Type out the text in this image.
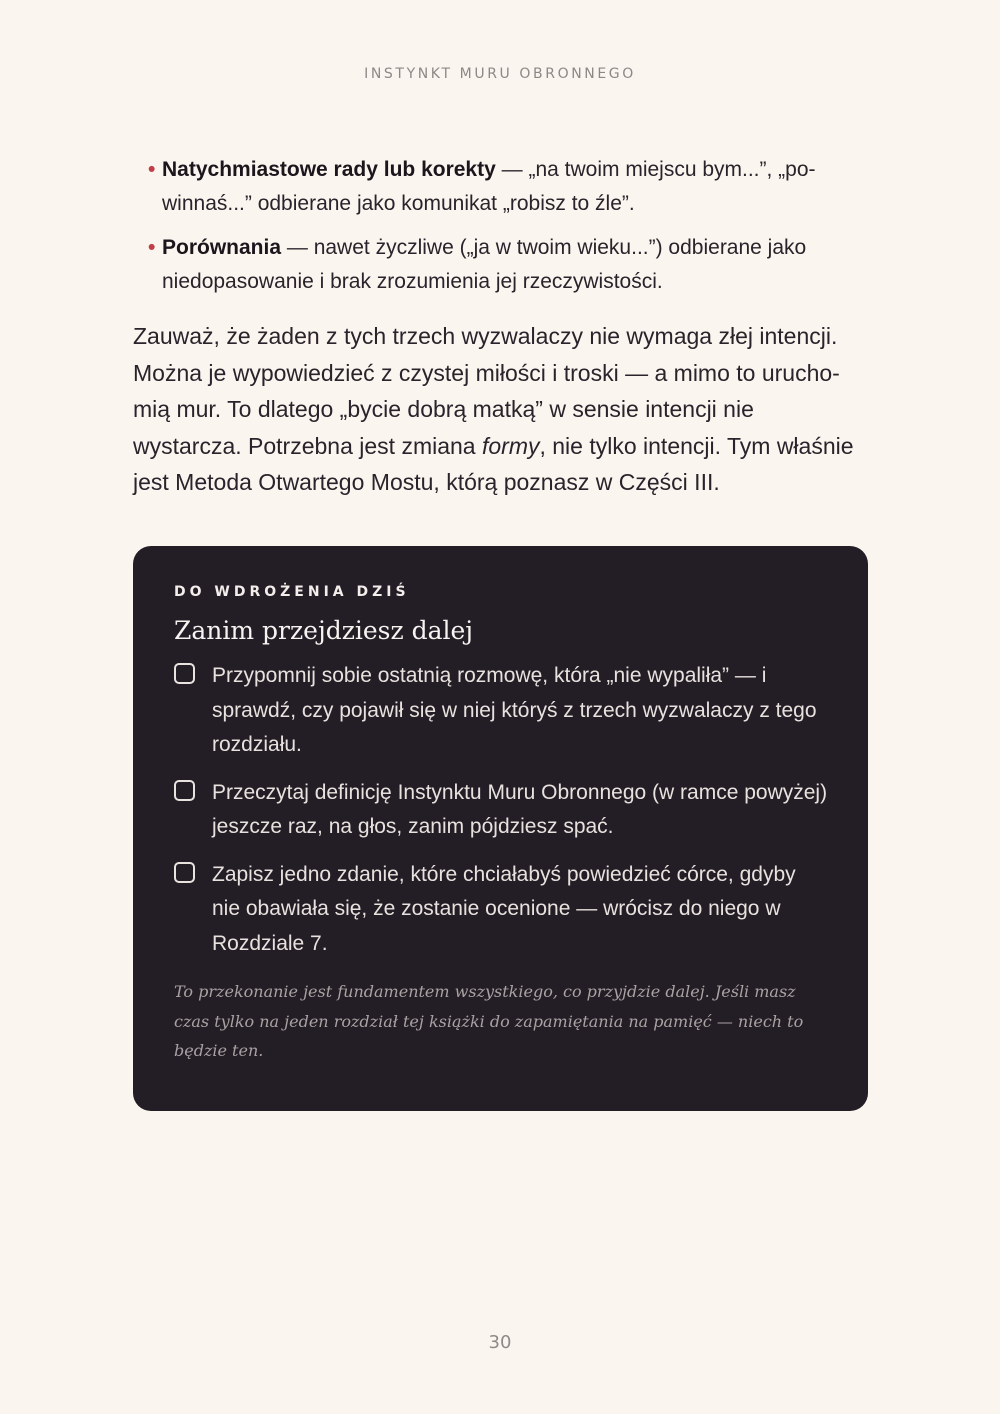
INSTYNKT MURU OBRONNEGO
• Natychmiastowe rady lub korekty — „na twoim miejscu bym...”, „powinnaś...” odbierane jako komunikat „robisz to źle”.
• Porównania — nawet życzliwe („ja w twoim wieku...”) odbierane jako niedopasowanie i brak zrozumienia jej rzeczywistości.

Zauważ, że żaden z tych trzech wyzwalaczy nie wymaga złej intencji. Można je wypowiedzieć z czystej miłości i troski — a mimo to uruchomią mur. To dlatego „bycie dobrą matką” w sensie intencji nie wystarcza. Potrzebna jest zmiana formy, nie tylko intencji. Tym właśnie jest Metoda Otwartego Mostu, którą poznasz w Części III.

DO WDROŻENIA DZIŚ

Zanim przejdziesz dalej
Przypomnij sobie ostatnią rozmowę, która „nie wypaliła” — i sprawdź, czy pojawił się w niej któryś z trzech wyzwalaczy z tego rozdziału.
Przeczytaj definicję Instynktu Muru Obronnego (w ramce powyżej) jeszcze raz, na głos, zanim pójdziesz spać.
Zapisz jedno zdanie, które chciałabyś powiedzieć córce, gdyby nie obawiała się, że zostanie ocenione — wrócisz do niego w Rozdziale 7.
To przekonanie jest fundamentem wszystkiego, co przyjdzie dalej. Jeśli masz czas tylko na jeden rozdział tej książki do zapamiętania na pamięć — niech to będzie ten.
30
